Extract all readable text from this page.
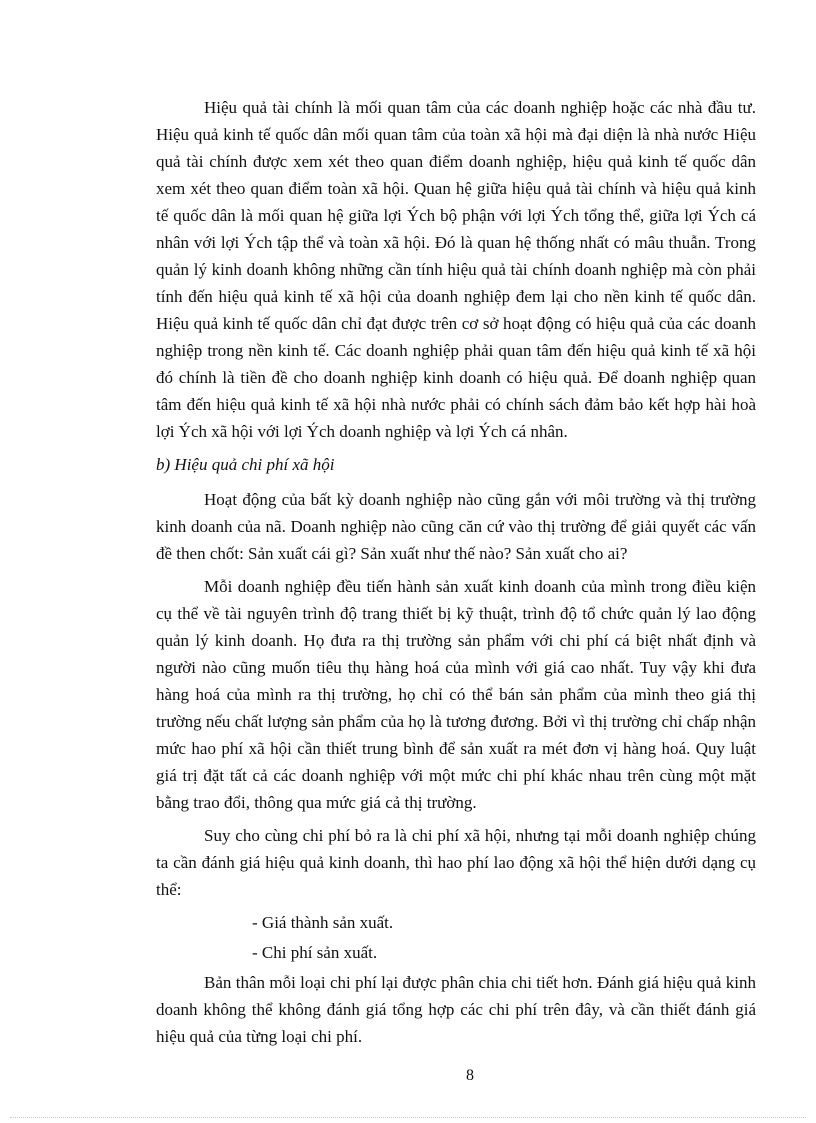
Hiệu quả tài chính là mối quan tâm của các doanh nghiệp hoặc các nhà đầu tư. Hiệu quả kinh tế quốc dân mối quan tâm của toàn xã hội mà đại diện là nhà nước Hiệu quả tài chính được xem xét theo quan điểm doanh nghiệp, hiệu quả kinh tế quốc dân xem xét theo quan điểm toàn xã hội. Quan hệ giữa hiệu quả tài chính và hiệu quả kinh tế quốc dân là mối quan hệ giữa lợi Ých bộ phận với lợi Ých tổng thể, giữa lợi Ých cá nhân với lợi Ých tập thể và toàn xã hội. Đó là quan hệ thống nhất có mâu thuẫn. Trong quản lý kinh doanh không những cần tính hiệu quả tài chính doanh nghiệp mà còn phải tính đến hiệu quả kinh tế xã hội của doanh nghiệp đem lại cho nền kinh tế quốc dân. Hiệu quả kinh tế quốc dân chỉ đạt được trên cơ sở hoạt động có hiệu quả của các doanh nghiệp trong nền kinh tế. Các doanh nghiệp phải quan tâm đến hiệu quả kinh tế xã hội đó chính là tiền đề cho doanh nghiệp kinh doanh có hiệu quả. Để doanh nghiệp quan tâm đến hiệu quả kinh tế xã hội nhà nước phải có chính sách đảm bảo kết hợp hài hoà lợi Ých xã hội với lợi Ých doanh nghiệp và lợi Ých cá nhân.

b) Hiệu quả chi phí xã hội

Hoạt động của bất kỳ doanh nghiệp nào cũng gắn với môi trường và thị trường kinh doanh của nã. Doanh nghiệp nào cũng căn cứ vào thị trường để giải quyết các vấn đề then chốt: Sản xuất cái gì? Sản xuất như thế nào? Sản xuất cho ai?

Mỗi doanh nghiệp đều tiến hành sản xuất kinh doanh của mình trong điều kiện cụ thể về tài nguyên trình độ trang thiết bị kỹ thuật, trình độ tổ chức quản lý lao động quản lý kinh doanh. Họ đưa ra thị trường sản phẩm với chi phí cá biệt nhất định và người nào cũng muốn tiêu thụ hàng hoá của mình với giá cao nhất. Tuy vậy khi đưa hàng hoá của mình ra thị trường, họ chỉ có thể bán sản phẩm của mình theo giá thị trường nếu chất lượng sản phẩm của họ là tương đương. Bởi vì thị trường chỉ chấp nhận mức hao phí xã hội cần thiết trung bình để sản xuất ra mét đơn vị hàng hoá. Quy luật giá trị đặt tất cả các doanh nghiệp với một mức chi phí khác nhau trên cùng một mặt bằng trao đổi, thông qua mức giá cả thị trường.

Suy cho cùng chi phí bỏ ra là chi phí xã hội, nhưng tại mỗi doanh nghiệp chúng ta cần đánh giá hiệu quả kinh doanh, thì hao phí lao động xã hội thể hiện dưới dạng cụ thể:

- Giá thành sản xuất.

- Chi phí sản xuất.

Bản thân mỗi loại chi phí lại được phân chia chi tiết hơn. Đánh giá hiệu quả kinh doanh không thể không đánh giá tổng hợp các chi phí trên đây, và cần thiết đánh giá hiệu quả của từng loại chi phí.

8
